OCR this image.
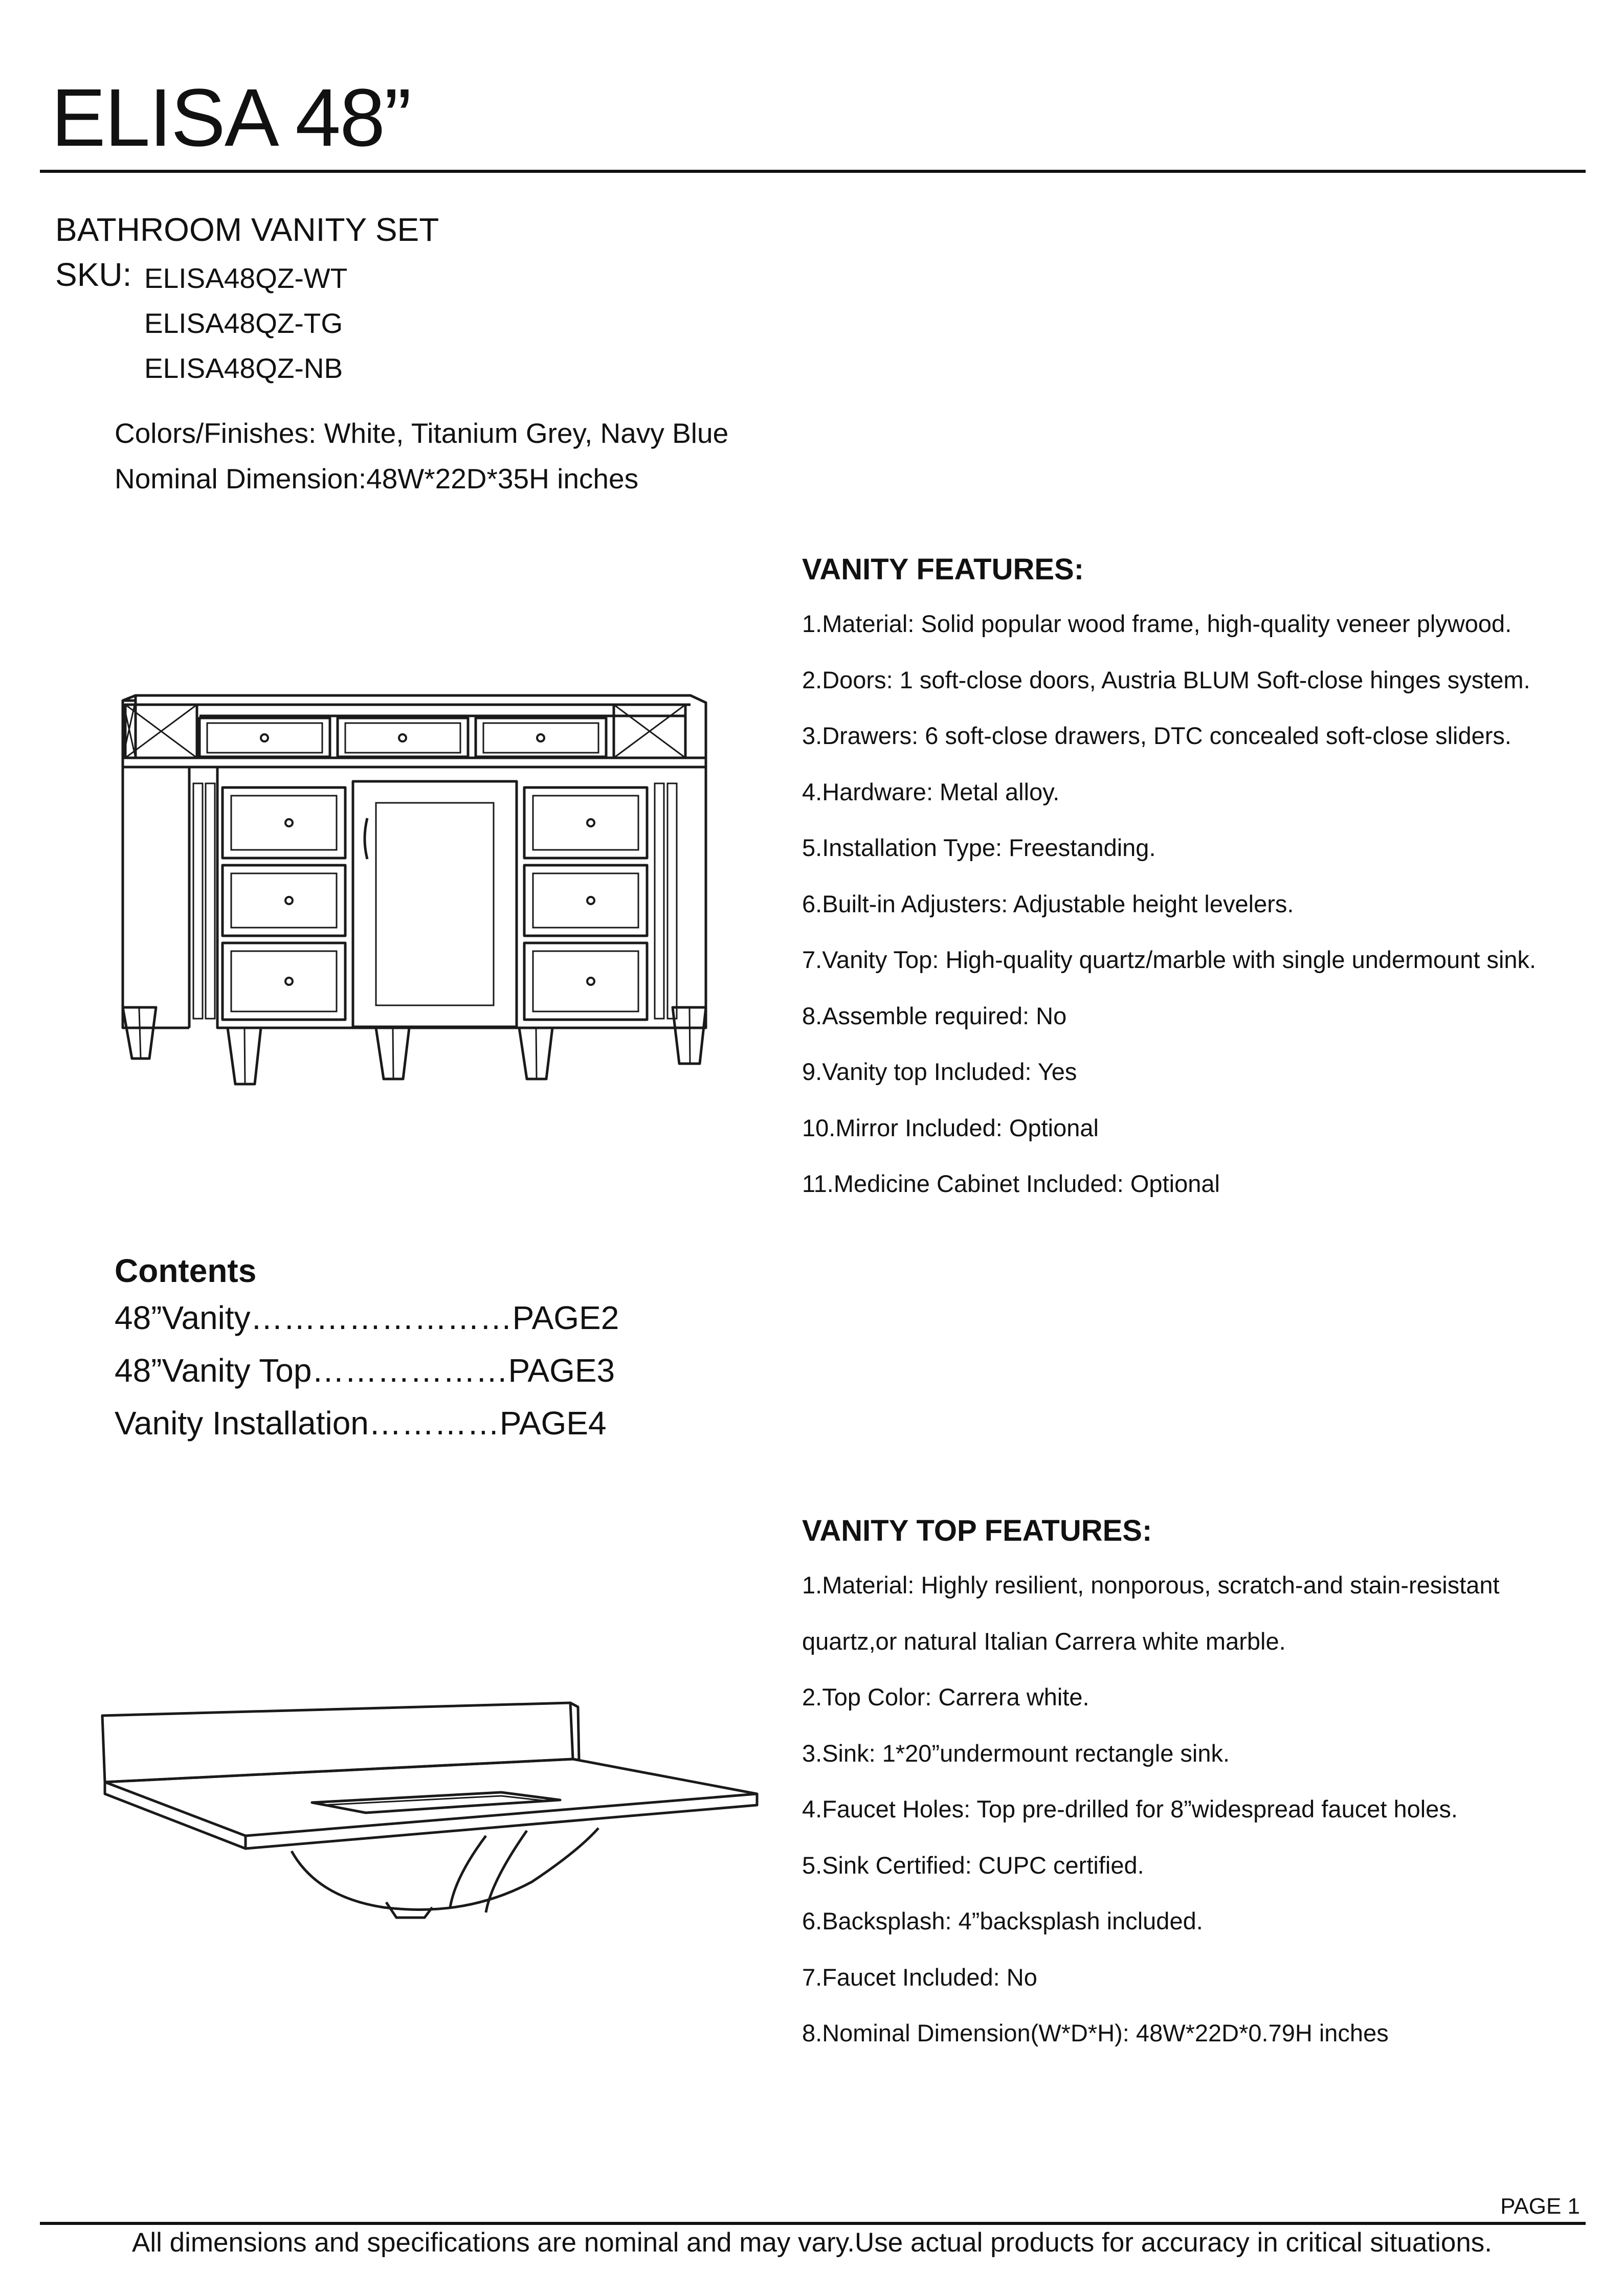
ELISA 48”
BATHROOM VANITY SET
SKU: ELISA48QZ-WT
ELISA48QZ-TG
ELISA48QZ-NB
Colors/Finishes: White, Titanium Grey, Navy Blue
Nominal Dimension:48W*22D*35H inches
VANITY FEATURES:
1.Material: Solid popular wood frame, high-quality veneer plywood.
2.Doors: 1 soft-close doors, Austria BLUM Soft-close hinges system.
3.Drawers: 6 soft-close drawers, DTC concealed soft-close sliders.
4.Hardware: Metal alloy.
5.Installation Type: Freestanding.
6.Built-in Adjusters: Adjustable height levelers.
7.Vanity Top: High-quality quartz/marble with single undermount sink.
8.Assemble required: No
9.Vanity top Included: Yes
10.Mirror Included: Optional
11.Medicine Cabinet Included: Optional
Contents
48”Vanity……………………PAGE2
48”Vanity Top………………PAGE3
Vanity Installation…………PAGE4
VANITY TOP FEATURES:
1.Material: Highly resilient, nonporous, scratch-and stain-resistant
quartz,or natural Italian Carrera white marble.
2.Top Color: Carrera white.
3.Sink: 1*20”undermount rectangle sink.
4.Faucet Holes: Top pre-drilled for 8”widespread faucet holes.
5.Sink Certified: CUPC certified.
6.Backsplash: 4”backsplash included.
7.Faucet Included: No
8.Nominal Dimension(W*D*H): 48W*22D*0.79H inches
PAGE 1
All dimensions and specifications are nominal and may vary.Use actual products for accuracy in critical situations.
